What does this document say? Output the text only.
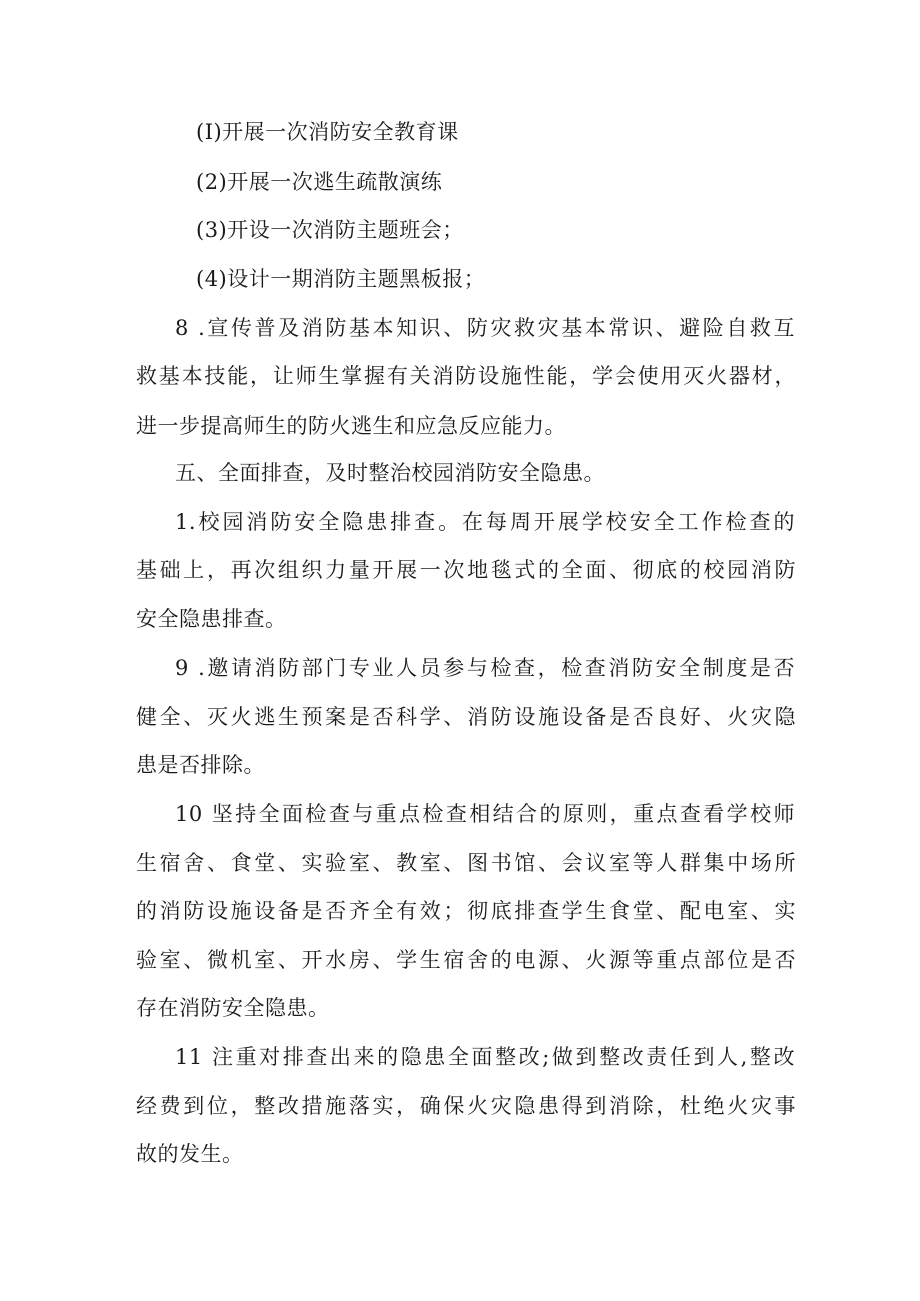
(I)开展一次消防安全教育课
(2)开展一次逃生疏散演练
(3)开设一次消防主题班会；
(4)设计一期消防主题黑板报；
8 .宣传普及消防基本知识、防灾救灾基本常识、避险自救互
救基本技能，让师生掌握有关消防设施性能，学会使用灭火器材，
进一步提高师生的防火逃生和应急反应能力。
五、全面排查，及时整治校园消防安全隐患。
1.校园消防安全隐患排查。在每周开展学校安全工作检查的
基础上，再次组织力量开展一次地毯式的全面、彻底的校园消防
安全隐患排查。
9 .邀请消防部门专业人员参与检查，检查消防安全制度是否
健全、灭火逃生预案是否科学、消防设施设备是否良好、火灾隐
患是否排除。
10 坚持全面检查与重点检查相结合的原则，重点查看学校师
生宿舍、食堂、实验室、教室、图书馆、会议室等人群集中场所
的消防设施设备是否齐全有效；彻底排查学生食堂、配电室、实
验室、微机室、开水房、学生宿舍的电源、火源等重点部位是否
存在消防安全隐患。
11 注重对排查出来的隐患全面整改;做到整改责任到人,整改
经费到位，整改措施落实，确保火灾隐患得到消除，杜绝火灾事
故的发生。
